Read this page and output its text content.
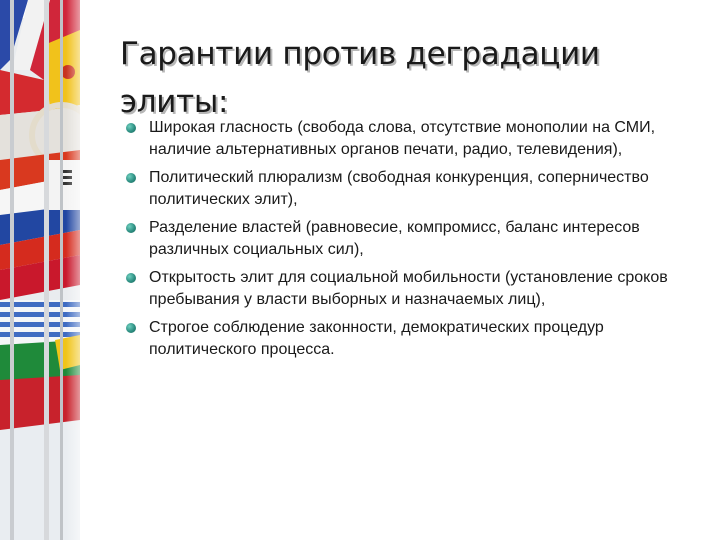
Гарантии против деградации элиты:
Широкая гласность (свобода слова, отсутствие монополии на СМИ, наличие альтернативных органов печати, радио, телевидения),
Политический плюрализм (свободная конкуренция, соперничество политических элит),
Разделение властей (равновесие, компромисс, баланс интересов различных социальных сил),
Открытость элит для социальной мобильности (установление сроков пребывания у власти выборных и назначаемых лиц),
Строгое соблюдение законности, демократических процедур политического процесса.
